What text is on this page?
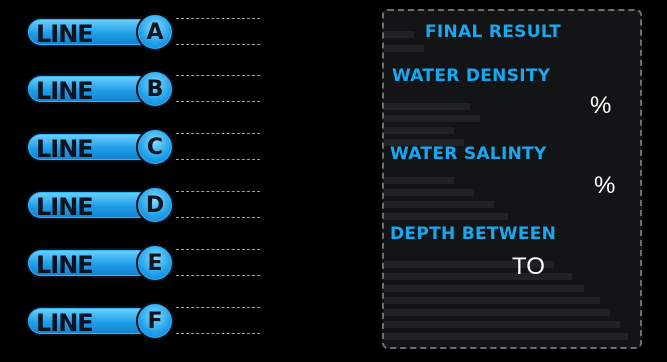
LINE	A
LINE	B
LINE	C
LINE	D
LINE	E
LINE	F
FINAL RESULT
WATER DENSITY
%
WATER SALINTY
%
DEPTH BETWEEN
TO
